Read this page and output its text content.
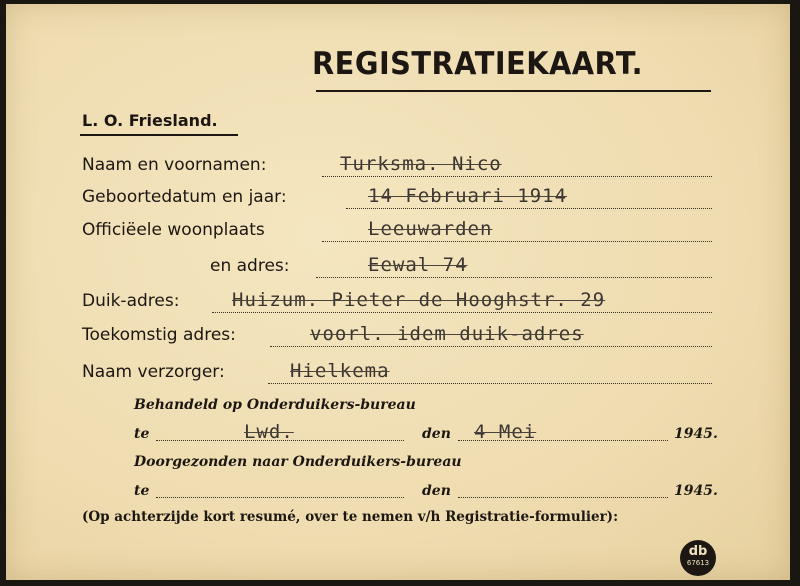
REGISTRATIEKAART.
L. O. Friesland.
Naam en voornamen:	Turksma. Nico
Geboortedatum en jaar:	14 Februari 1914
Officiëele woonplaats	Leeuwarden
en adres:	Eewal 74
Duik-adres:	Huizum. Pieter de Hooghstr. 29
Toekomstig adres:	voorl. idem duik-adres
Naam verzorger:	Hielkema
Behandeld op Onderduikers-bureau
te	Lwd.	den 4 Mei	1945.
Doorgezonden naar Onderduikers-bureau
te	den	1945.
(Op achterzijde kort resumé, over te nemen v/h Registratie-formulier):
db
67613
